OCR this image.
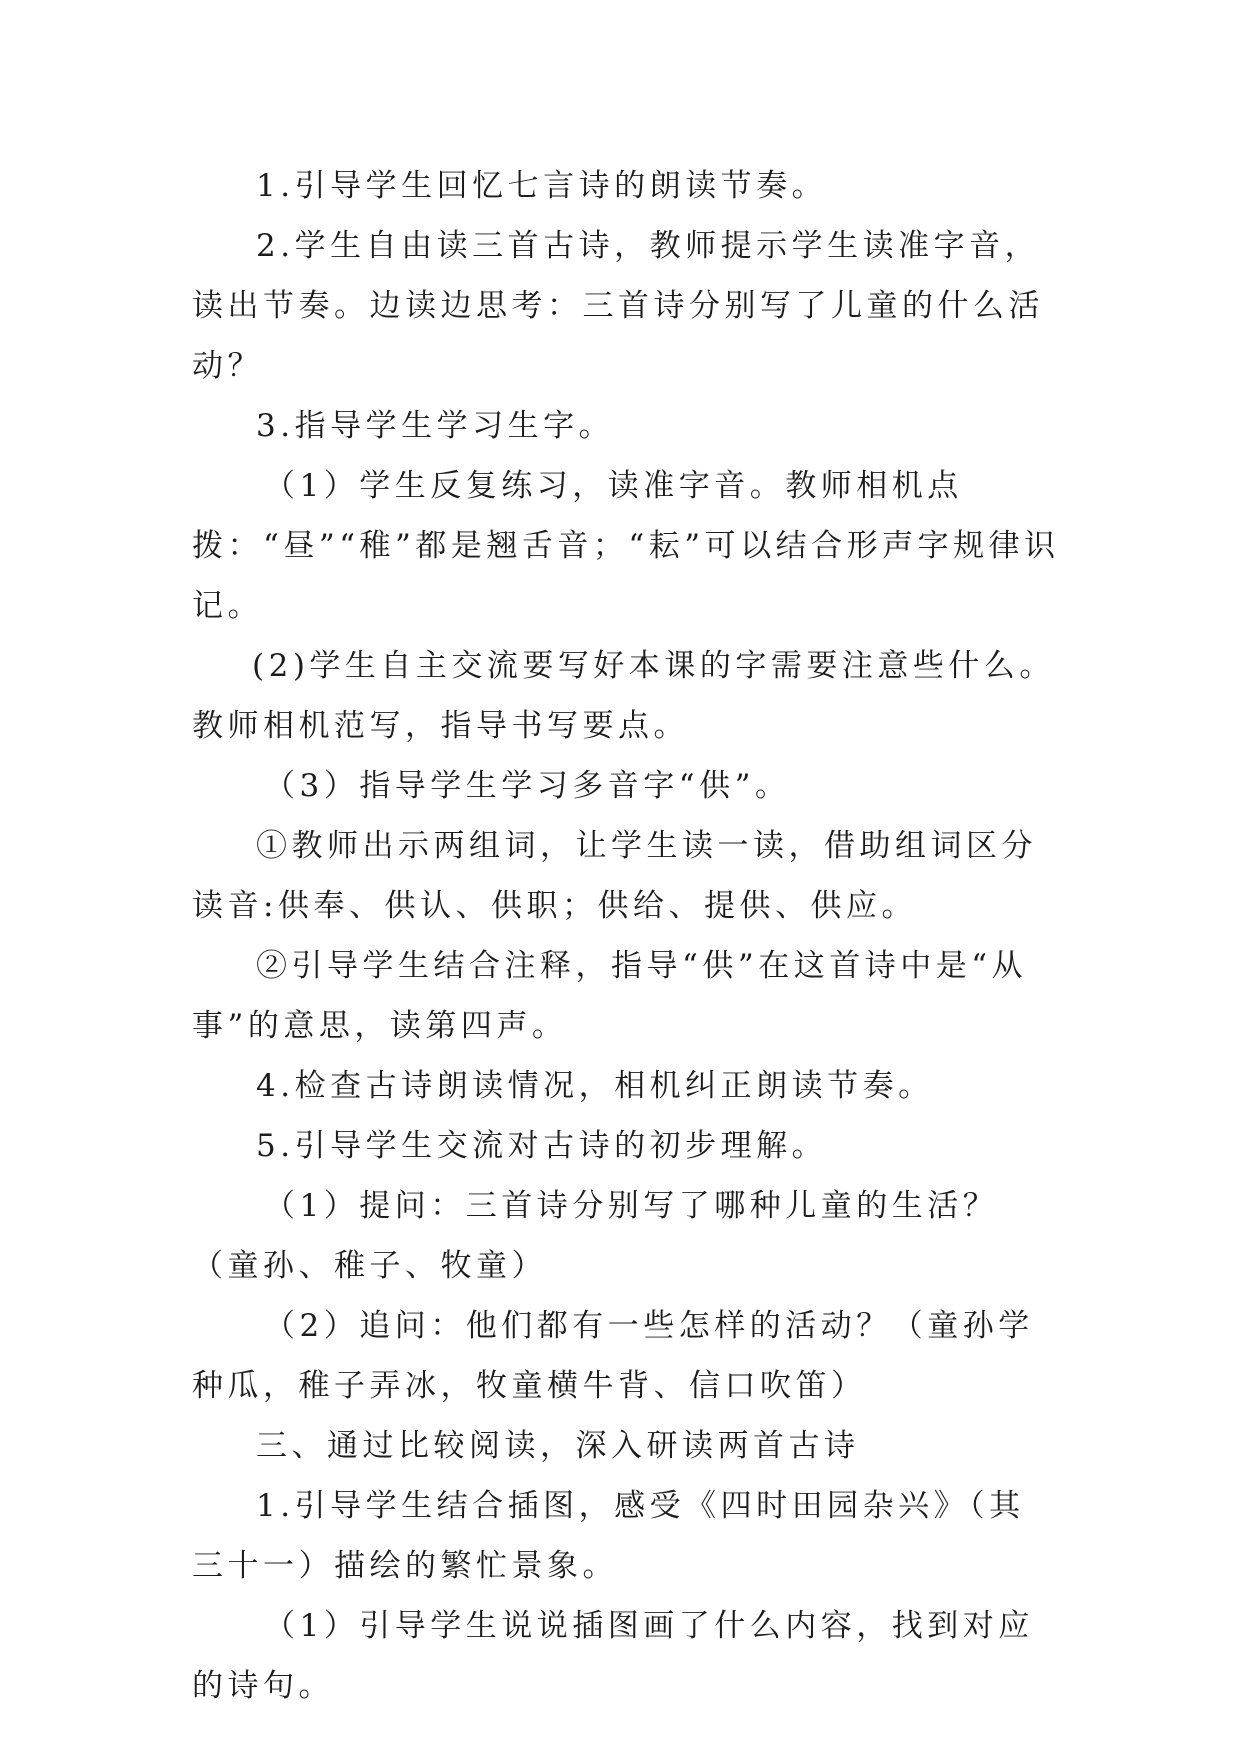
1.引导学生回忆七言诗的朗读节奏。

2.学生自由读三首古诗，教师提示学生读准字音，读出节奏。边读边思考：三首诗分别写了儿童的什么活动？

3.指导学生学习生字。

（1）学生反复练习，读准字音。教师相机点拨：“昼”“稚”都是翘舌音；“耘”可以结合形声字规律识记。

(2)学生自主交流要写好本课的字需要注意些什么。教师相机范写，指导书写要点。

（3）指导学生学习多音字“供”。

①教师出示两组词，让学生读一读，借助组词区分读音:供奉、供认、供职；供给、提供、供应。

②引导学生结合注释，指导“供”在这首诗中是“从事”的意思，读第四声。

4.检查古诗朗读情况，相机纠正朗读节奏。

5.引导学生交流对古诗的初步理解。

（1）提问：三首诗分别写了哪种儿童的生活？（童孙、稚子、牧童）

（2）追问：他们都有一些怎样的活动？（童孙学种瓜，稚子弄冰，牧童横牛背、信口吹笛）

三、通过比较阅读，深入研读两首古诗

1.引导学生结合插图，感受《四时田园杂兴》（其三十一）描绘的繁忙景象。

（1）引导学生说说插图画了什么内容，找到对应的诗句。
